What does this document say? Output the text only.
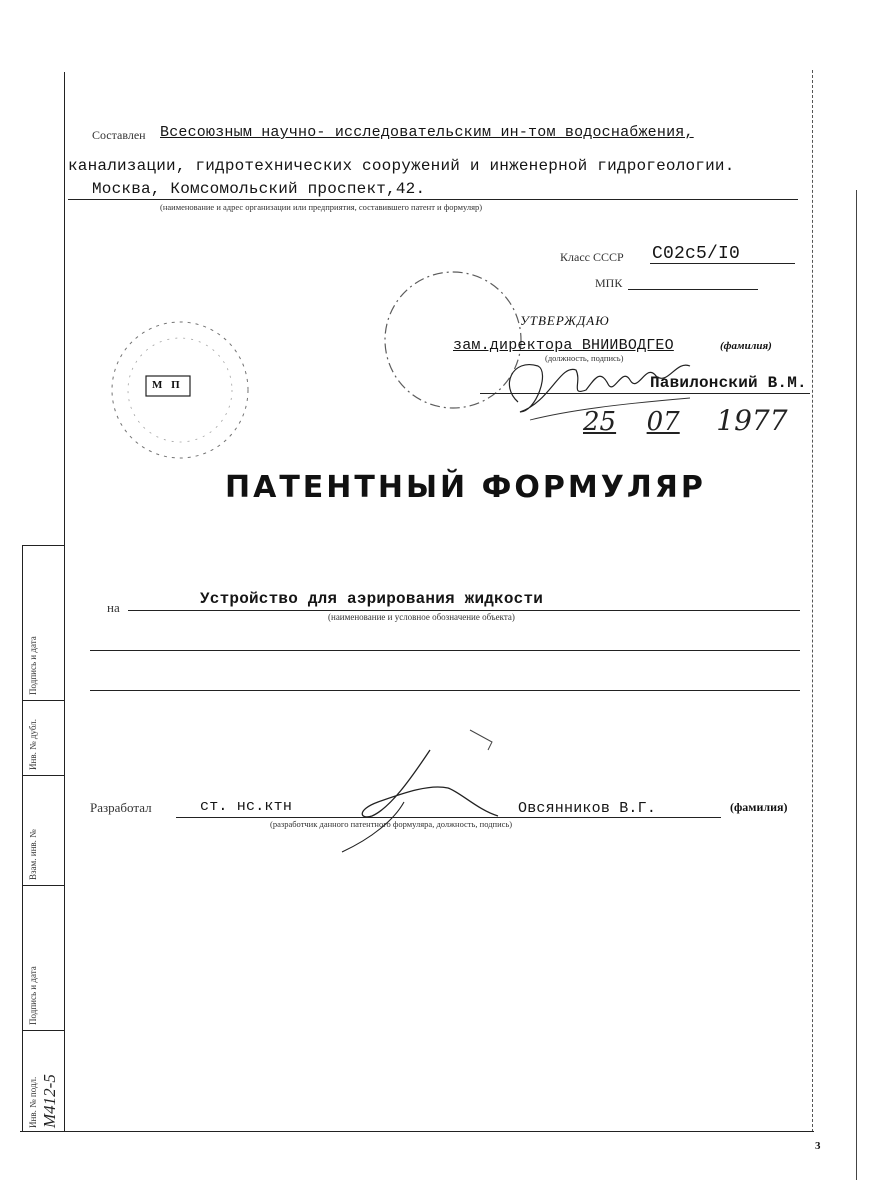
Подпись и дата
Инв. № дубл.
Взам. инв. №
Подпись и дата
Инв. № подл. М412-5
Составлен Всесоюзным научно- исследовательским ин-том водоснабжения,
канализации, гидротехнических сооружений и инженерной гидрогеологии.
Москва, Комсомольский проспект,42.
(наименование и адрес организации или предприятия, составившего патент и формуляр)
Класс СССР C02c5/I0
МПК
М П
УТВЕРЖДАЮ
зам.директора ВНИИВОДГЕО	(фамилия)
(должность, подпись)
Павилонский В.М.
25 07 1977
ПАТЕНТНЫЙ ФОРМУЛЯР
на	Устройство для аэрирования жидкости
(наименование и условное обозначение объекта)
Разработал	ст. нс.ктн	Овсянников В.Г.	(фамилия)
(разработчик данного патентного формуляра, должность, подпись)
3
